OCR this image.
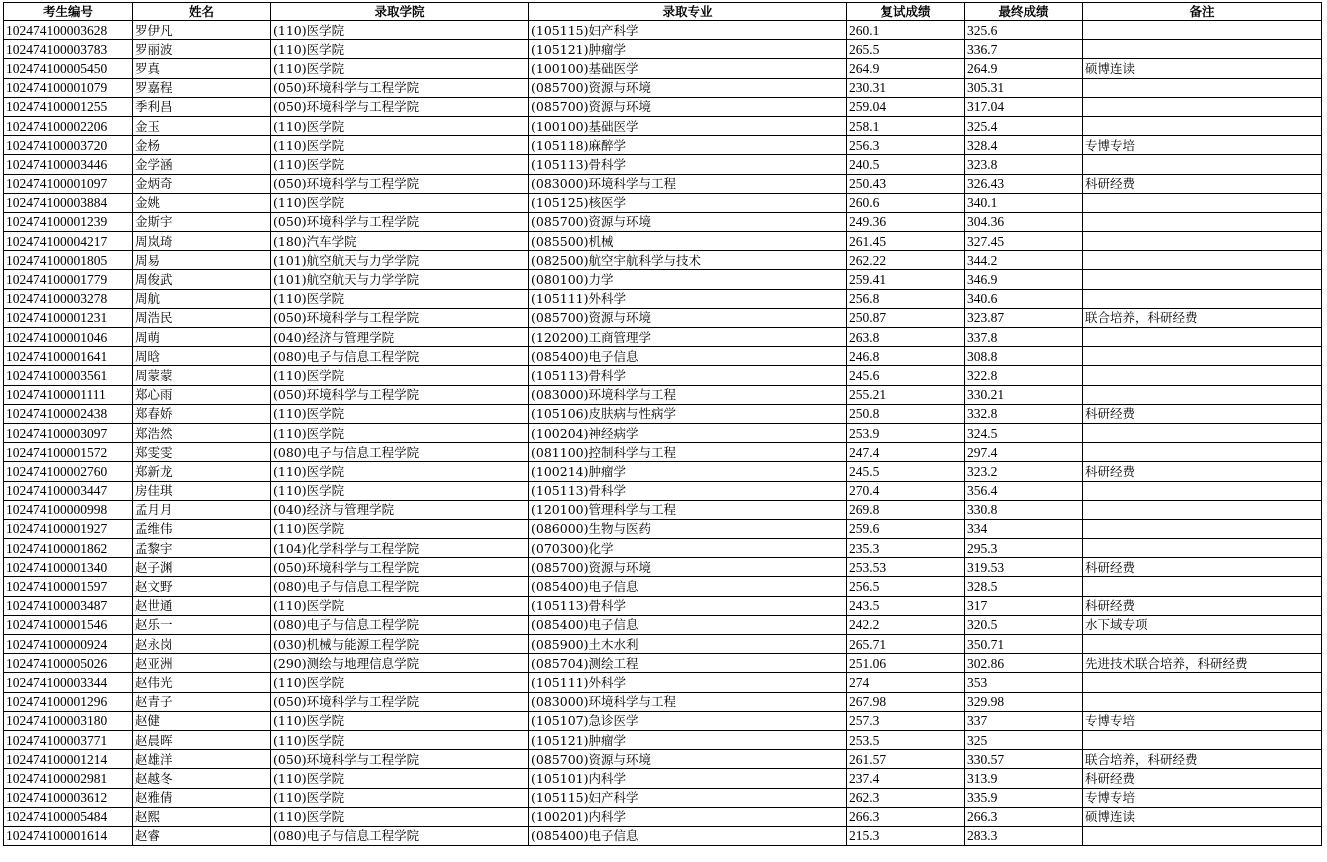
考生编号	姓名	录取学院	录取专业	复试成绩	最终成绩	备注
102474100003628	罗伊凡	(110)医学院	(105115)妇产科学	260.1	325.6	
102474100003783	罗丽波	(110)医学院	(105121)肿瘤学	265.5	336.7	
102474100005450	罗真	(110)医学院	(100100)基础医学	264.9	264.9	硕博连读
102474100001079	罗嘉程	(050)环境科学与工程学院	(085700)资源与环境	230.31	305.31	
102474100001255	季利昌	(050)环境科学与工程学院	(085700)资源与环境	259.04	317.04	
102474100002206	金玉	(110)医学院	(100100)基础医学	258.1	325.4	
102474100003720	金杨	(110)医学院	(105118)麻醉学	256.3	328.4	专博专培
102474100003446	金学涵	(110)医学院	(105113)骨科学	240.5	323.8	
102474100001097	金炳奇	(050)环境科学与工程学院	(083000)环境科学与工程	250.43	326.43	科研经费
102474100003884	金姚	(110)医学院	(105125)核医学	260.6	340.1	
102474100001239	金斯宇	(050)环境科学与工程学院	(085700)资源与环境	249.36	304.36	
102474100004217	周岚琦	(180)汽车学院	(085500)机械	261.45	327.45	
102474100001805	周易	(101)航空航天与力学学院	(082500)航空宇航科学与技术	262.22	344.2	
102474100001779	周俊武	(101)航空航天与力学学院	(080100)力学	259.41	346.9	
102474100003278	周航	(110)医学院	(105111)外科学	256.8	340.6	
102474100001231	周浩民	(050)环境科学与工程学院	(085700)资源与环境	250.87	323.87	联合培养，科研经费
102474100001046	周萌	(040)经济与管理学院	(120200)工商管理学	263.8	337.8	
102474100001641	周晗	(080)电子与信息工程学院	(085400)电子信息	246.8	308.8	
102474100003561	周蒙蒙	(110)医学院	(105113)骨科学	245.6	322.8	
102474100001111	郑心雨	(050)环境科学与工程学院	(083000)环境科学与工程	255.21	330.21	
102474100002438	郑春娇	(110)医学院	(105106)皮肤病与性病学	250.8	332.8	科研经费
102474100003097	郑浩然	(110)医学院	(100204)神经病学	253.9	324.5	
102474100001572	郑雯雯	(080)电子与信息工程学院	(081100)控制科学与工程	247.4	297.4	
102474100002760	郑新龙	(110)医学院	(100214)肿瘤学	245.5	323.2	科研经费
102474100003447	房佳琪	(110)医学院	(105113)骨科学	270.4	356.4	
102474100000998	孟月月	(040)经济与管理学院	(120100)管理科学与工程	269.8	330.8	
102474100001927	孟维伟	(110)医学院	(086000)生物与医药	259.6	334	
102474100001862	孟黎宇	(104)化学科学与工程学院	(070300)化学	235.3	295.3	
102474100001340	赵子渊	(050)环境科学与工程学院	(085700)资源与环境	253.53	319.53	科研经费
102474100001597	赵文野	(080)电子与信息工程学院	(085400)电子信息	256.5	328.5	
102474100003487	赵世通	(110)医学院	(105113)骨科学	243.5	317	科研经费
102474100001546	赵乐一	(080)电子与信息工程学院	(085400)电子信息	242.2	320.5	水下域专项
102474100000924	赵永岗	(030)机械与能源工程学院	(085900)土木水利	265.71	350.71	
102474100005026	赵亚洲	(290)测绘与地理信息学院	(085704)测绘工程	251.06	302.86	先进技术联合培养，科研经费
102474100003344	赵伟光	(110)医学院	(105111)外科学	274	353	
102474100001296	赵青子	(050)环境科学与工程学院	(083000)环境科学与工程	267.98	329.98	
102474100003180	赵健	(110)医学院	(105107)急诊医学	257.3	337	专博专培
102474100003771	赵晨晖	(110)医学院	(105121)肿瘤学	253.5	325	
102474100001214	赵雄洋	(050)环境科学与工程学院	(085700)资源与环境	261.57	330.57	联合培养，科研经费
102474100002981	赵越冬	(110)医学院	(105101)内科学	237.4	313.9	科研经费
102474100003612	赵雅倩	(110)医学院	(105115)妇产科学	262.3	335.9	专博专培
102474100005484	赵熙	(110)医学院	(100201)内科学	266.3	266.3	硕博连读
102474100001614	赵睿	(080)电子与信息工程学院	(085400)电子信息	215.3	283.3	
